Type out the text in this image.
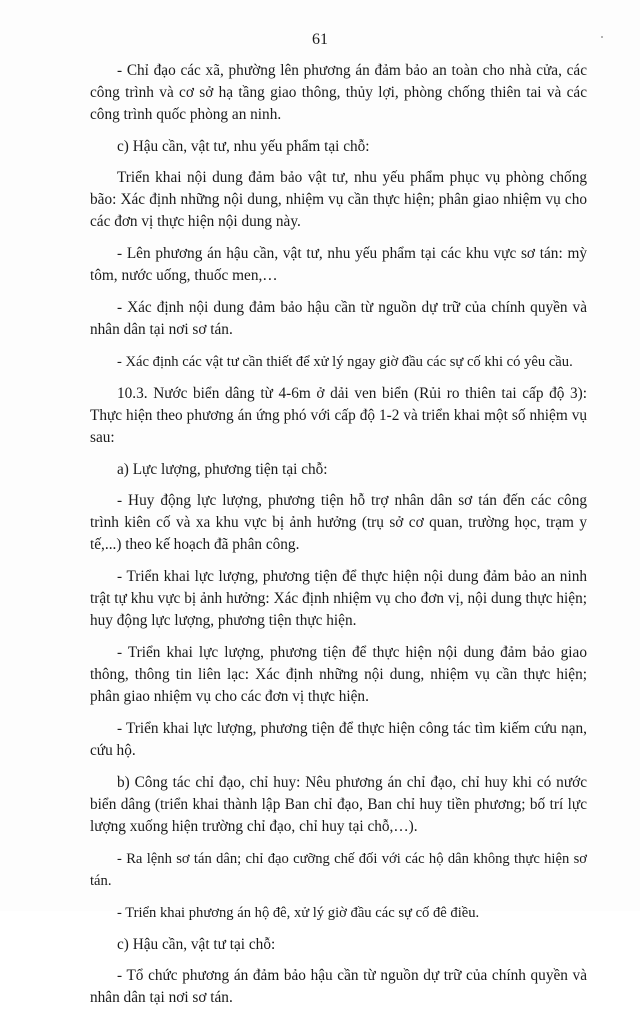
61

- Chỉ đạo các xã, phường lên phương án đảm bảo an toàn cho nhà cửa, các công trình và cơ sở hạ tầng giao thông, thủy lợi, phòng chống thiên tai và các công trình quốc phòng an ninh.

c) Hậu cần, vật tư, nhu yếu phẩm tại chỗ:

Triển khai nội dung đảm bảo vật tư, nhu yếu phẩm phục vụ phòng chống bão: Xác định những nội dung, nhiệm vụ cần thực hiện; phân giao nhiệm vụ cho các đơn vị thực hiện nội dung này.

- Lên phương án hậu cần, vật tư, nhu yếu phẩm tại các khu vực sơ tán: mỳ tôm, nước uống, thuốc men,…

- Xác định nội dung đảm bảo hậu cần từ nguồn dự trữ của chính quyền và nhân dân tại nơi sơ tán.

- Xác định các vật tư cần thiết để xử lý ngay giờ đầu các sự cố khi có yêu cầu.

10.3. Nước biển dâng từ 4-6m ở dải ven biển (Rủi ro thiên tai cấp độ 3): Thực hiện theo phương án ứng phó với cấp độ 1-2 và triển khai một số nhiệm vụ sau:

a) Lực lượng, phương tiện tại chỗ:

- Huy động lực lượng, phương tiện hỗ trợ nhân dân sơ tán đến các công trình kiên cố và xa khu vực bị ảnh hưởng (trụ sở cơ quan, trường học, trạm y tế,...) theo kế hoạch đã phân công.

- Triển khai lực lượng, phương tiện để thực hiện nội dung đảm bảo an ninh trật tự khu vực bị ảnh hưởng: Xác định nhiệm vụ cho đơn vị, nội dung thực hiện; huy động lực lượng, phương tiện thực hiện.

- Triển khai lực lượng, phương tiện để thực hiện nội dung đảm bảo giao thông, thông tin liên lạc: Xác định những nội dung, nhiệm vụ cần thực hiện; phân giao nhiệm vụ cho các đơn vị thực hiện.

- Triển khai lực lượng, phương tiện để thực hiện công tác tìm kiếm cứu nạn, cứu hộ.

b) Công tác chỉ đạo, chỉ huy: Nêu phương án chỉ đạo, chỉ huy khi có nước biển dâng (triển khai thành lập Ban chỉ đạo, Ban chỉ huy tiền phương; bố trí lực lượng xuống hiện trường chỉ đạo, chỉ huy tại chỗ,…).

- Ra lệnh sơ tán dân; chỉ đạo cưỡng chế đối với các hộ dân không thực hiện sơ tán.

- Triển khai phương án hộ đê, xử lý giờ đầu các sự cố đê điều.

c) Hậu cần, vật tư tại chỗ:

- Tổ chức phương án đảm bảo hậu cần từ nguồn dự trữ của chính quyền và nhân dân tại nơi sơ tán.
